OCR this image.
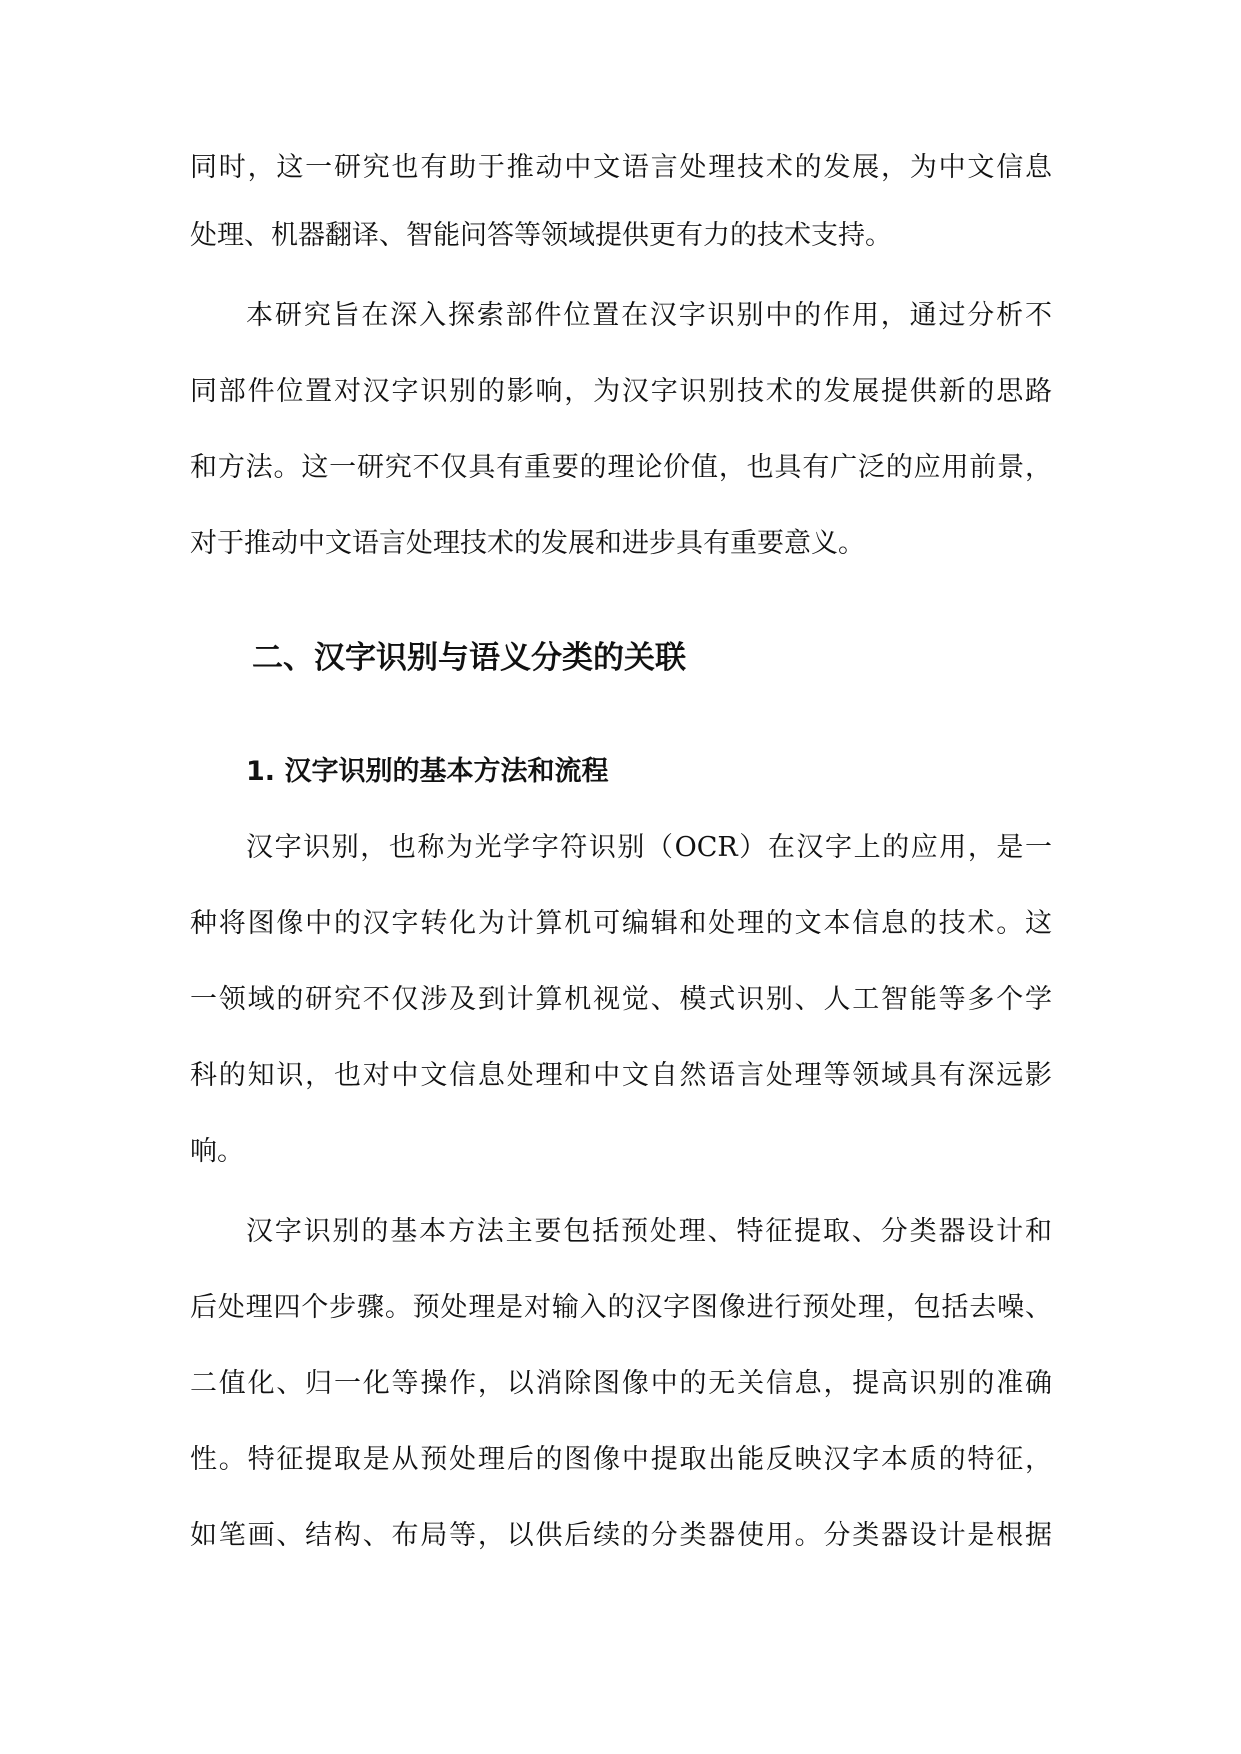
同时，这一研究也有助于推动中文语言处理技术的发展，为中文信息
处理、机器翻译、智能问答等领域提供更有力的技术支持。
本研究旨在深入探索部件位置在汉字识别中的作用，通过分析不
同部件位置对汉字识别的影响，为汉字识别技术的发展提供新的思路
和方法。这一研究不仅具有重要的理论价值，也具有广泛的应用前景，
对于推动中文语言处理技术的发展和进步具有重要意义。
二、汉字识别与语义分类的关联
1. 汉字识别的基本方法和流程
汉字识别，也称为光学字符识别（OCR）在汉字上的应用，是一
种将图像中的汉字转化为计算机可编辑和处理的文本信息的技术。这
一领域的研究不仅涉及到计算机视觉、模式识别、人工智能等多个学
科的知识，也对中文信息处理和中文自然语言处理等领域具有深远影
响。
汉字识别的基本方法主要包括预处理、特征提取、分类器设计和
后处理四个步骤。预处理是对输入的汉字图像进行预处理，包括去噪、
二值化、归一化等操作，以消除图像中的无关信息，提高识别的准确
性。特征提取是从预处理后的图像中提取出能反映汉字本质的特征，
如笔画、结构、布局等，以供后续的分类器使用。分类器设计是根据
